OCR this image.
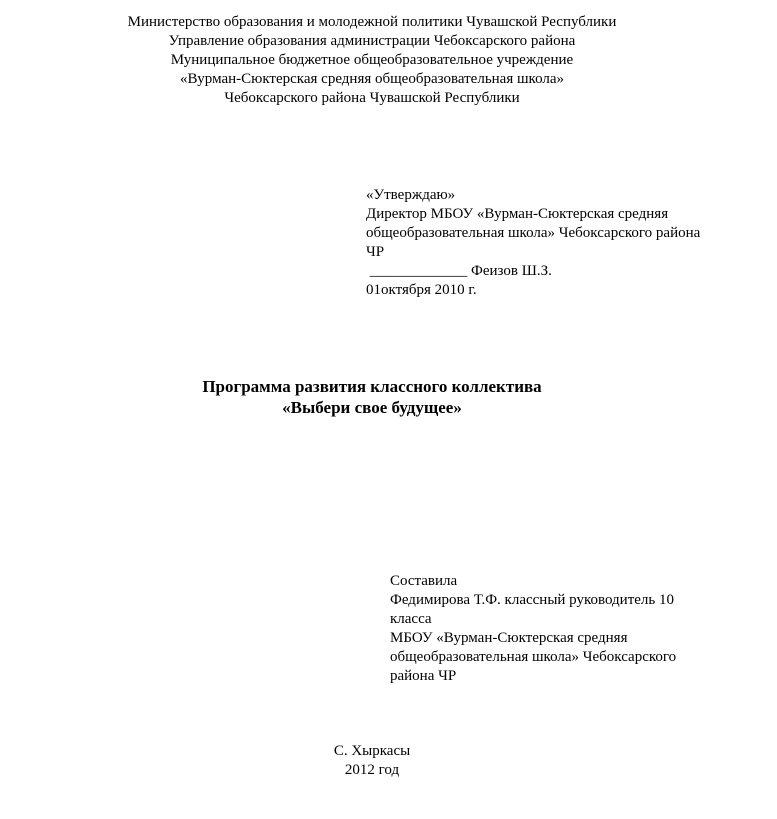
Министерство образования и молодежной политики Чувашской Республики
Управление образования администрации Чебоксарского района
Муниципальное бюджетное общеобразовательное учреждение
«Вурман-Сюктерская средняя общеобразовательная школа»
Чебоксарского района Чувашской Республики
«Утверждаю»
Директор МБОУ «Вурман-Сюктерская средняя
общеобразовательная школа» Чебоксарского района
ЧР
_____________ Феизов Ш.З.
01октября 2010 г.
Программа развития классного коллектива
«Выбери свое будущее»
Составила
Федимирова Т.Ф. классный руководитель 10
класса
МБОУ «Вурман-Сюктерская средняя
общеобразовательная школа» Чебоксарского
района ЧР
С. Хыркасы
2012 год
